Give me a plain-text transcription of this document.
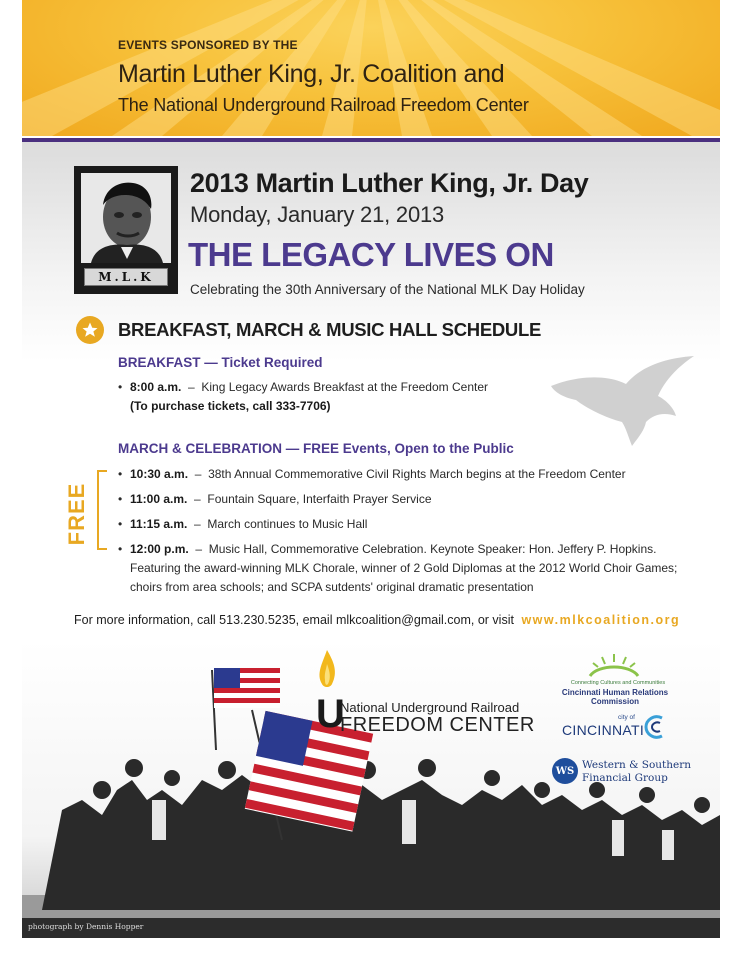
EVENTS SPONSORED BY THE
Martin Luther King, Jr. Coalition and
The National Underground Railroad Freedom Center
M.L.K
2013 Martin Luther King, Jr. Day
Monday, January 21, 2013
THE LEGACY LIVES ON
Celebrating the 30th Anniversary of the National MLK Day Holiday
BREAKFAST, MARCH & MUSIC HALL SCHEDULE
BREAKFAST — Ticket Required
• 8:00 a.m.  –  King Legacy Awards Breakfast at the Freedom Center
(To purchase tickets, call 333-7706)
MARCH & CELEBRATION — FREE Events, Open to the Public
FREE
• 10:30 a.m.  –  38th Annual Commemorative Civil Rights March begins at the Freedom Center
• 11:00 a.m.  –  Fountain Square, Interfaith Prayer Service
• 11:15 a.m.  –  March continues to Music Hall
• 12:00 p.m.  –  Music Hall, Commemorative Celebration. Keynote Speaker: Hon. Jeffery P. Hopkins.
Featuring the award-winning MLK Chorale, winner of 2 Gold Diplomas at the 2012 World Choir Games;
choirs from area schools; and SCPA sutdents' original dramatic presentation
For more information, call 513.230.5235, email mlkcoalition@gmail.com, or visit www.mlkcoalition.org
photograph by Dennis Hopper
U
National Underground Railroad
FREEDOM CENTER
Connecting Cultures and Communities
Cincinnati Human Relations Commission
city of
CINCINNATI
WS Western & Southern
Financial Group
